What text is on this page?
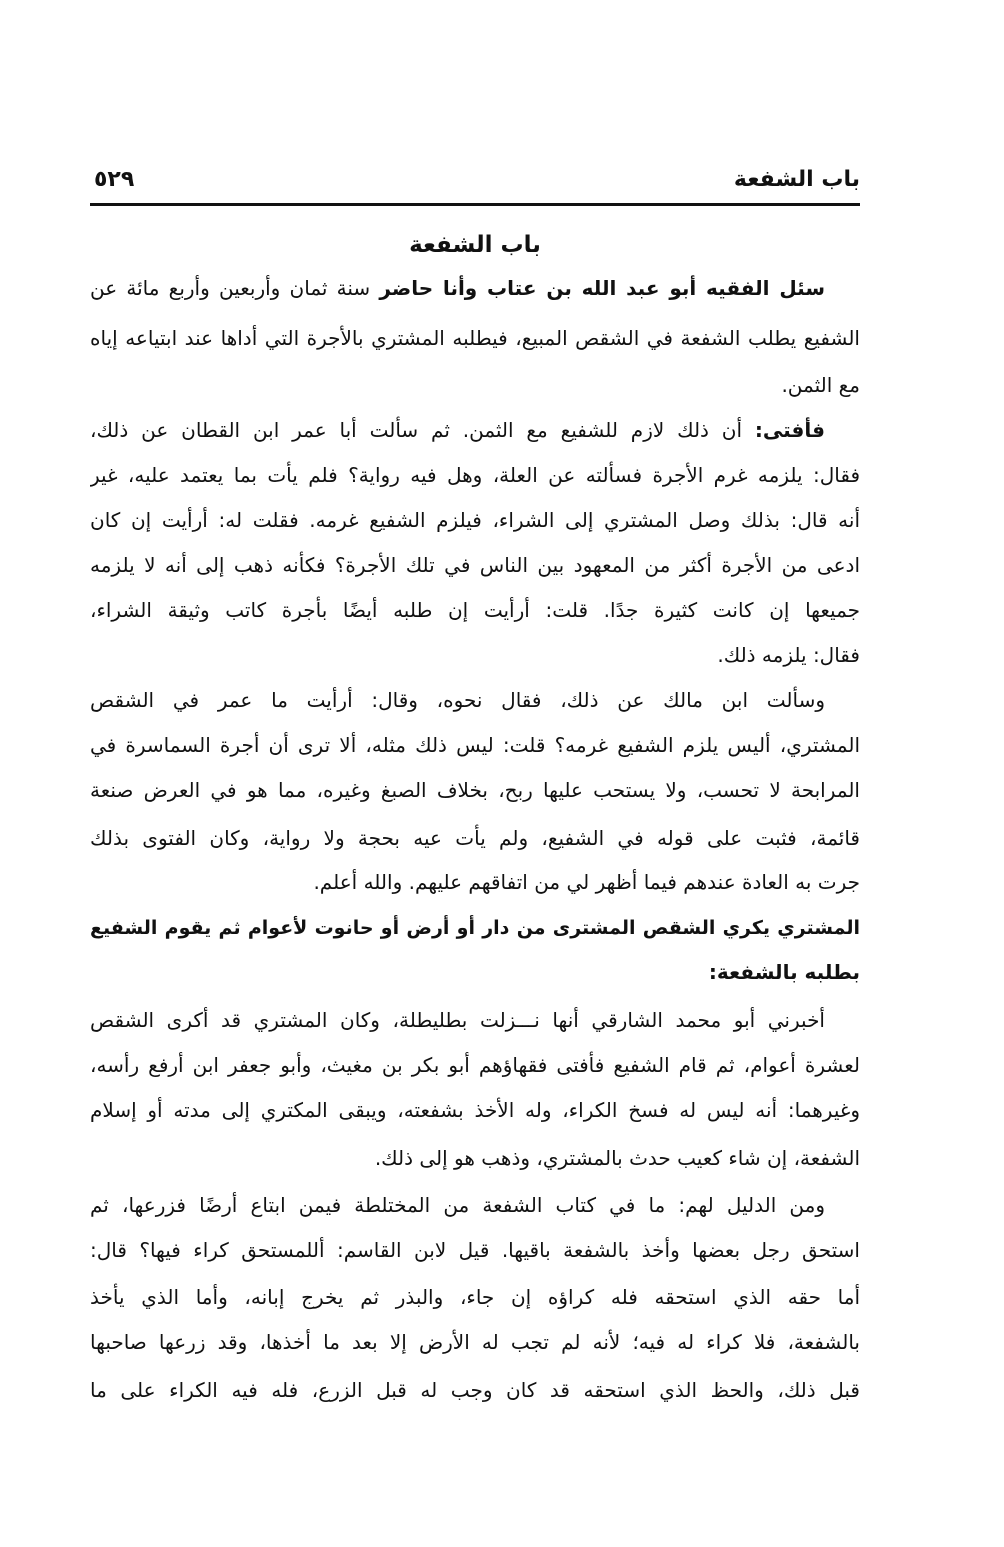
باب الشفعة
٥٢٩
باب الشفعة
سئل الفقيه أبو عبد الله بن عتاب وأنا حاضر سنة ثمان وأربعين وأربع مائة عن
الشفيع يطلب الشفعة في الشقص المبيع، فيطلبه المشتري بالأجرة التي أداها عند ابتياعه إياه
مع الثمن.
فأفتى: أن ذلك لازم للشفيع مع الثمن. ثم سألت أبا عمر ابن القطان عن ذلك،
فقال: يلزمه غرم الأجرة فسألته عن العلة، وهل فيه رواية؟ فلم يأت بما يعتمد عليه، غير
أنه قال: بذلك وصل المشتري إلى الشراء، فيلزم الشفيع غرمه. فقلت له: أرأيت إن كان
ادعى من الأجرة أكثر من المعهود بين الناس في تلك الأجرة؟ فكأنه ذهب إلى أنه لا يلزمه
جميعها إن كانت كثيرة جدًا. قلت: أرأيت إن طلبه أيضًا بأجرة كاتب وثيقة الشراء،
فقال: يلزمه ذلك.
وسألت ابن مالك عن ذلك، فقال نحوه، وقال: أرأيت ما عمر في الشقص
المشتري، أليس يلزم الشفيع غرمه؟ قلت: ليس ذلك مثله، ألا ترى أن أجرة السماسرة في
المرابحة لا تحسب، ولا يستحب عليها ربح، بخلاف الصبغ وغيره، مما هو في العرض صنعة
قائمة، فثبت على قوله في الشفيع، ولم يأت عيه بحجة ولا رواية، وكان الفتوى بذلك
جرت به العادة عندهم فيما أظهر لي من اتفاقهم عليهم. والله أعلم.
المشتري يكري الشقص المشترى من دار أو أرض أو حانوت لأعوام ثم يقوم الشفيع
بطلبه بالشفعة:
أخبرني أبو محمد الشارقي أنها نـــزلت بطليطلة، وكان المشتري قد أكرى الشقص
لعشرة أعوام، ثم قام الشفيع فأفتى فقهاؤهم أبو بكر بن مغيث، وأبو جعفر ابن أرفع رأسه،
وغيرهما: أنه ليس له فسخ الكراء، وله الأخذ بشفعته، ويبقى المكتري إلى مدته أو إسلام
الشفعة، إن شاء كعيب حدث بالمشتري، وذهب هو إلى ذلك.
ومن الدليل لهم: ما في كتاب الشفعة من المختلطة فيمن ابتاع أرضًا فزرعها، ثم
استحق رجل بعضها وأخذ بالشفعة باقيها. قيل لابن القاسم: أللمستحق كراء فيها؟ قال:
أما حقه الذي استحقه فله كراؤه إن جاء، والبذر ثم يخرج إبانه، وأما الذي يأخذ
بالشفعة، فلا كراء له فيه؛ لأنه لم تجب له الأرض إلا بعد ما أخذها، وقد زرعها صاحبها
قبل ذلك، والحظ الذي استحقه قد كان وجب له قبل الزرع، فله فيه الكراء على ما
